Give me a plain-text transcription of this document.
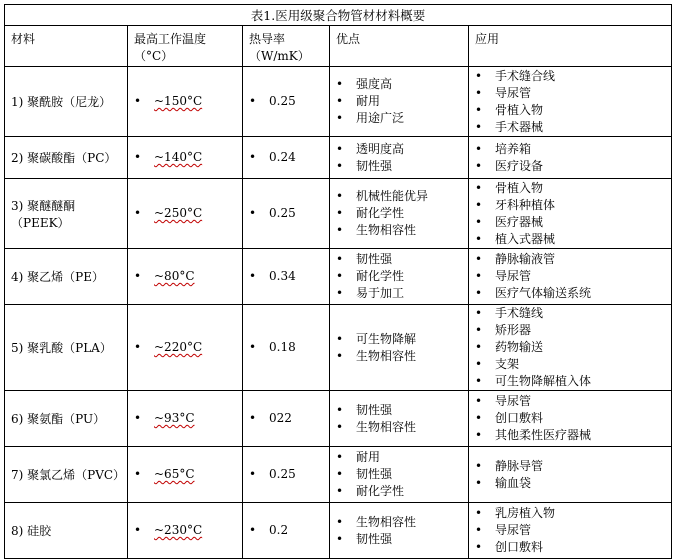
表1.医用级聚合物管材材料概要				
材料	最高工作温度（°C）	热导率（W/mK）	优点	应用
1) 聚酰胺（尼龙）	• ~150°C	• 0.25	• 强度高
• 耐用
• 用途广泛	• 手术缝合线
• 导尿管
• 骨植入物
• 手术器械

2) 聚碳酸酯（PC）	• ~140°C	• 0.24	• 透明度高
• 韧性强	• 培养箱
• 医疗设备

3) 聚醚醚酮（PEEK）	• ~250°C	• 0.25	• 机械性能优异
• 耐化学性
• 生物相容性	• 骨植入物
• 牙科种植体
• 医疗器械
• 植入式器械

4) 聚乙烯（PE）	• ~80°C	• 0.34	• 韧性强
• 耐化学性
• 易于加工	• 静脉输液管
• 导尿管
• 医疗气体输送系统

5) 聚乳酸（PLA）	• ~220°C	• 0.18	• 可生物降解
• 生物相容性	• 手术缝线
• 矫形器
• 药物输送
• 支架
• 可生物降解植入体

6) 聚氨酯（PU）	• ~93°C	• 022	• 韧性强
• 生物相容性	• 导尿管
• 创口敷料
• 其他柔性医疗器械

7) 聚氯乙烯（PVC）	• ~65°C	• 0.25	• 耐用
• 韧性强
• 耐化学性	• 静脉导管
• 输血袋

8) 硅胶	• ~230°C	• 0.2	• 生物相容性
• 韧性强	• 乳房植入物
• 导尿管
• 创口敷料
